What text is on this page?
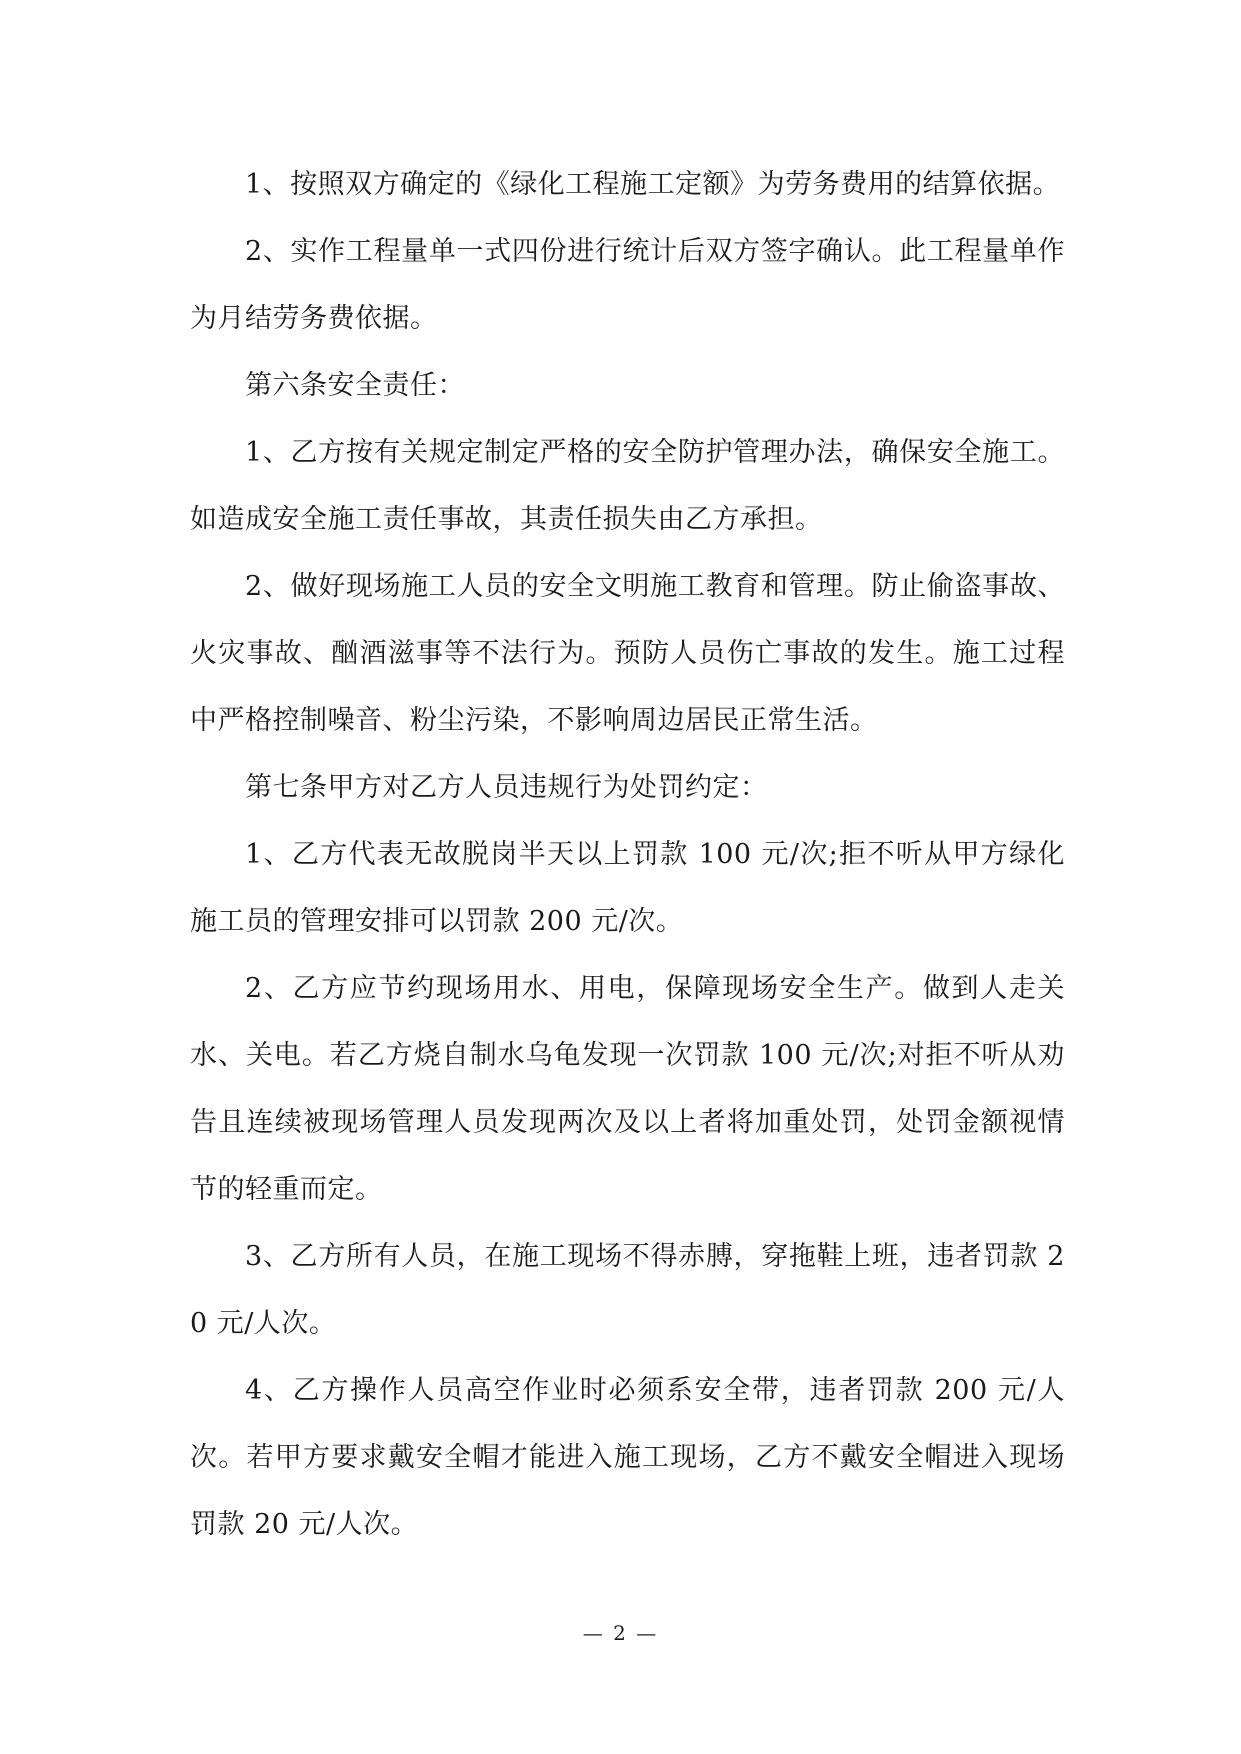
1、按照双方确定的《绿化工程施工定额》为劳务费用的结算依据。

2、实作工程量单一式四份进行统计后双方签字确认。此工程量单作为月结劳务费依据。

第六条安全责任：

1、乙方按有关规定制定严格的安全防护管理办法，确保安全施工。如造成安全施工责任事故，其责任损失由乙方承担。

2、做好现场施工人员的安全文明施工教育和管理。防止偷盗事故、火灾事故、酗酒滋事等不法行为。预防人员伤亡事故的发生。施工过程中严格控制噪音、粉尘污染，不影响周边居民正常生活。

第七条甲方对乙方人员违规行为处罚约定：

1、乙方代表无故脱岗半天以上罚款 100 元/次;拒不听从甲方绿化施工员的管理安排可以罚款 200 元/次。

2、乙方应节约现场用水、用电，保障现场安全生产。做到人走关水、关电。若乙方烧自制水乌龟发现一次罚款 100 元/次;对拒不听从劝告且连续被现场管理人员发现两次及以上者将加重处罚，处罚金额视情节的轻重而定。

3、乙方所有人员，在施工现场不得赤膊，穿拖鞋上班，违者罚款 20 元/人次。

4、乙方操作人员高空作业时必须系安全带，违者罚款 200 元/人次。若甲方要求戴安全帽才能进入施工现场，乙方不戴安全帽进入现场罚款 20 元/人次。

— 2 —
